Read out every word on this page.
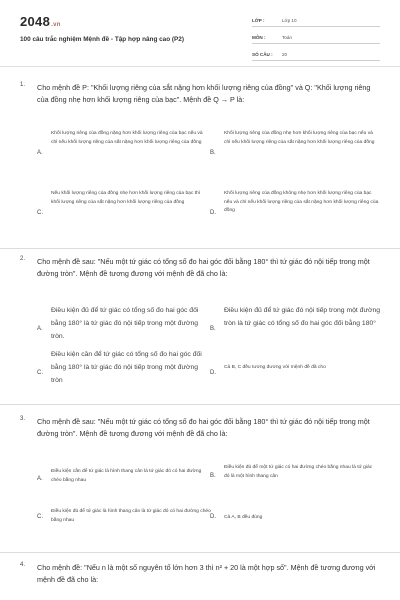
2048.vn
100 câu trắc nghiệm Mệnh đề - Tập hợp nâng cao (P2)
LỚP :	Lớp 10
MÔN :	Toán
SỐ CÂU :	20
1. Cho mệnh đề P: "Khối lượng riêng của sắt nặng hơn khối lượng riêng của đồng" và Q: "Khối lượng riêng của đồng nhẹ hơn khối lượng riêng của bạc". Mệnh đề Q → P là:
A.
Khối lượng riêng của đồng nặng hơn khối lượng riêng của bạc nếu và chỉ nếu khối lượng riêng của sắt nặng hơn khối lượng riêng của đồng
B.
Khối lượng riêng của đồng nhẹ hơn khối lượng riêng của bạc nếu và chỉ nếu khối lượng riêng của sắt nặng hơn khối lượng riêng của đồng
C.
Nếu khối lượng riêng của đồng nhẹ hơn khối lượng riêng của bạc thì khối lượng riêng của sắt nặng hơn khối lượng riêng của đồng
D.
Khối lượng riêng của đồng không nhẹ hơn khối lượng riêng của bạc nếu và chỉ nếu khối lượng riêng của sắt nặng hơn khối lượng riêng của đồng
2. Cho mệnh đề sau: "Nếu một tứ giác có tổng số đo hai góc đối bằng 180° thì tứ giác đó nội tiếp trong một đường tròn". Mệnh đề tương đương với mệnh đề đã cho là:
A.
Điều kiện đủ để tứ giác có tổng số đo hai góc đối bằng 180° là tứ giác đó nội tiếp trong một đường tròn.
B.
Điều kiện đủ để tứ giác đó nội tiếp trong một đường tròn là tứ giác có tổng số đo hai góc đối bằng 180°
C.
Điều kiện cần để tứ giác có tổng số đo hai góc đối bằng 180° là tứ giác đó nội tiếp trong một đường tròn
D.
Cả B, C đều tương đương với mệnh đề đã cho
3. Cho mệnh đề sau: "Nếu một tứ giác có tổng số đo hai góc đối bằng 180° thì tứ giác đó nội tiếp trong một đường tròn". Mệnh đề tương đương với mệnh đề đã cho là:
A.
Điều kiện cần để tứ giác là hình thang cân là tứ giác đó có hai đường chéo bằng nhau
B.
Điều kiện đủ để một tứ giác có hai đường chéo bằng nhau là tứ giác đó là một hình thang cân
C.
Điều kiện đủ để tứ giác là hình thang cân là tứ giác đó có hai đường chéo bằng nhau
D. Cả A, B đều đúng
4. Cho mệnh đề: "Nếu n là một số nguyên tố lớn hơn 3 thì n² + 20 là một hợp số". Mệnh đề tương đương với mệnh đề đã cho là:
